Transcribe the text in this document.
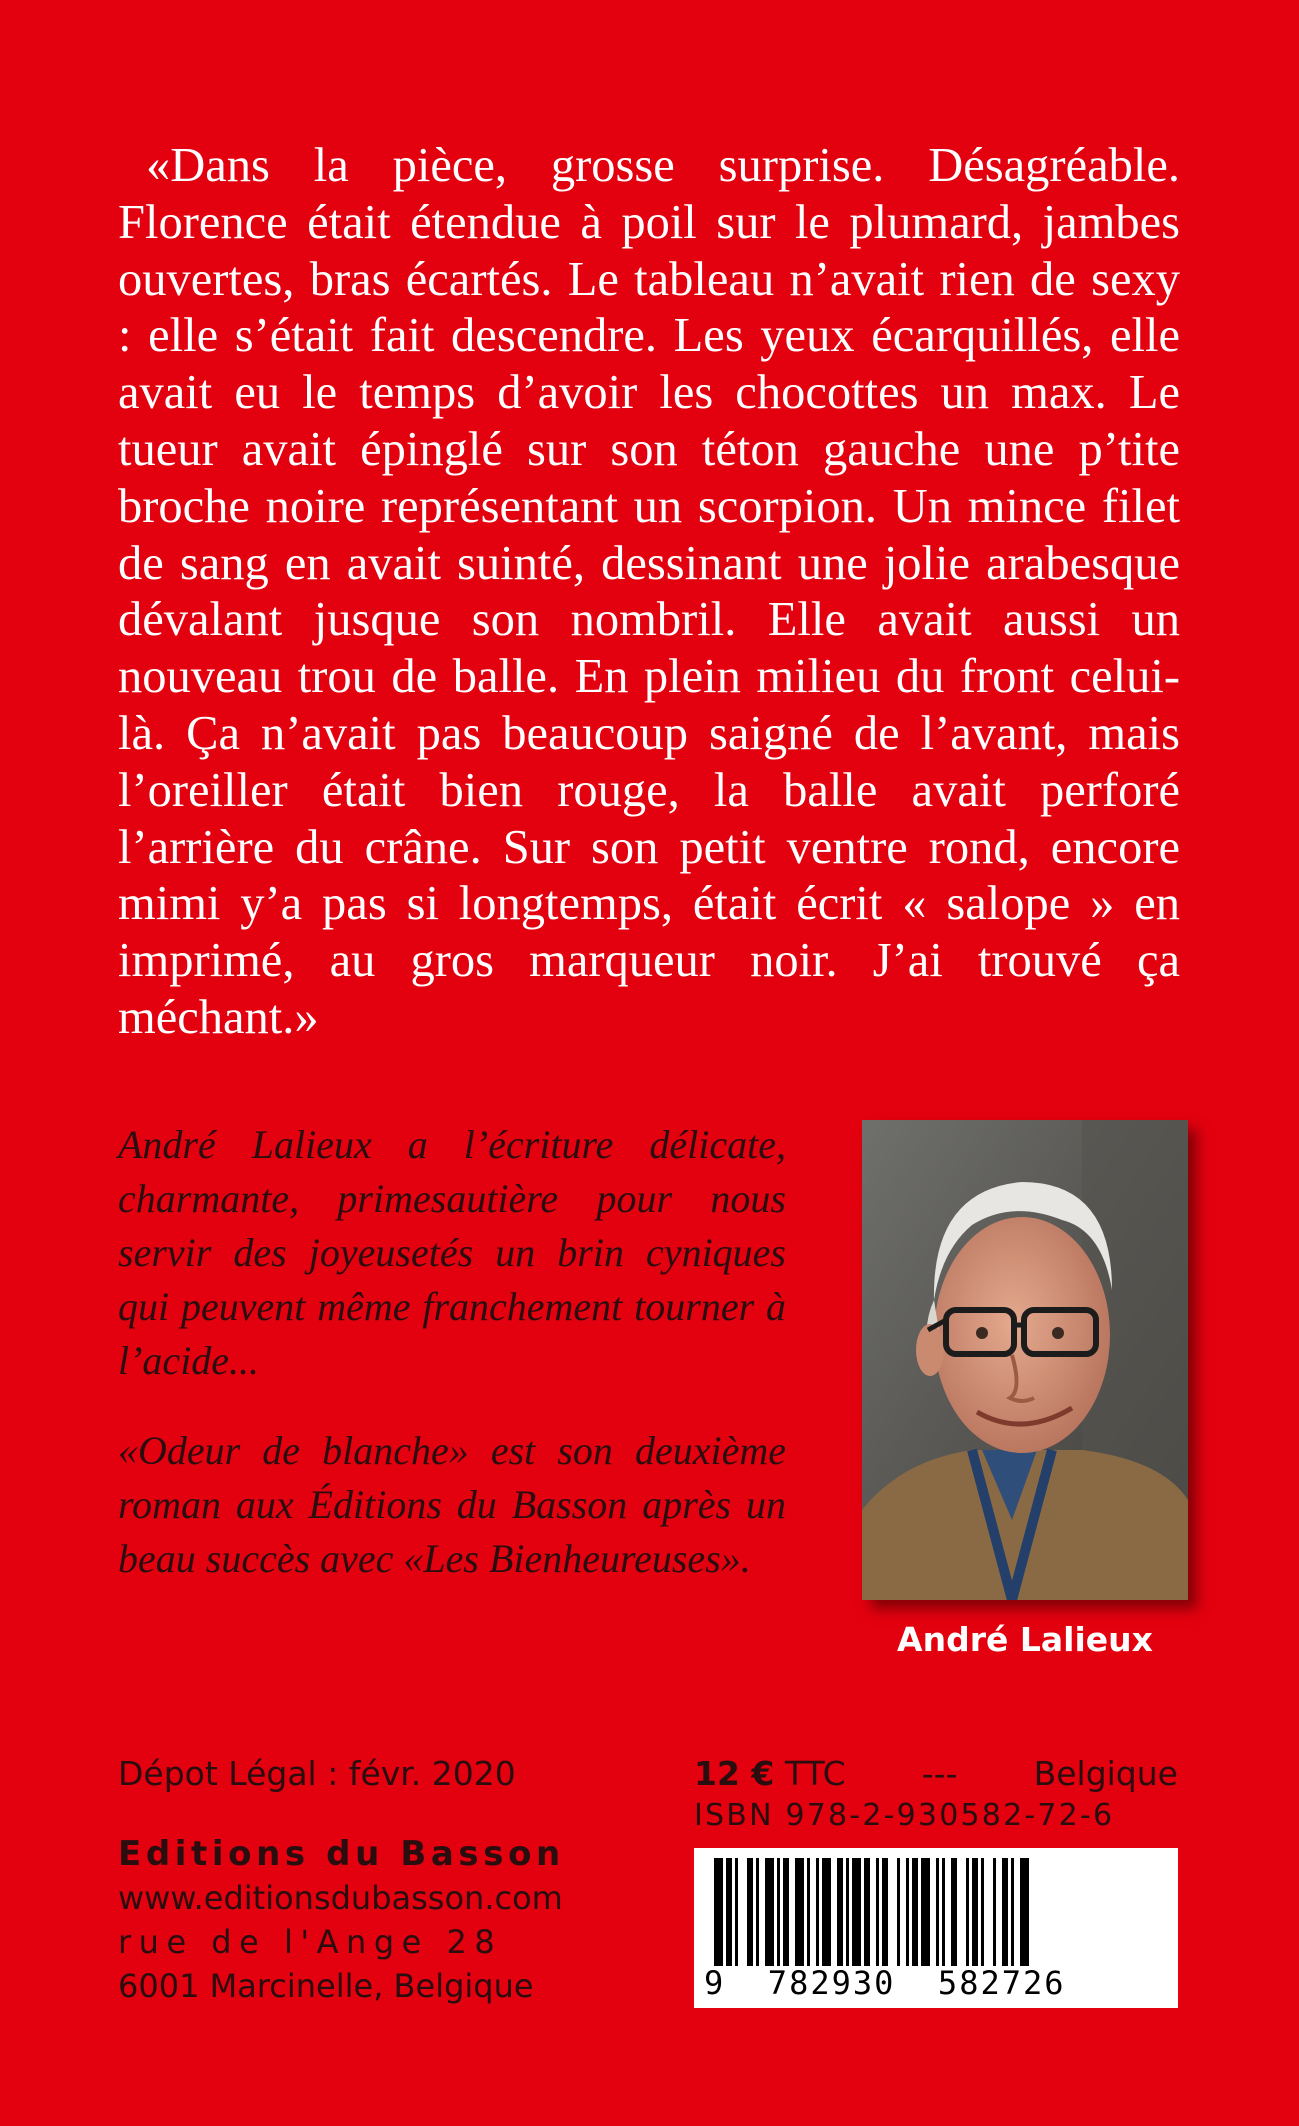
«Dans la pièce, grosse surprise. Désagréable. Florence était étendue à poil sur le plumard, jambes ouvertes, bras écartés. Le tableau n’avait rien de sexy : elle s’était fait descendre. Les yeux écarquillés, elle avait eu le temps d’avoir les chocottes un max. Le tueur avait épinglé sur son téton gauche une p’tite broche noire représentant un scorpion. Un mince filet de sang en avait suinté, dessinant une jolie arabesque dévalant jusque son nombril. Elle avait aussi un nouveau trou de balle. En plein milieu du front celui-là. Ça n’avait pas beaucoup saigné de l’avant, mais l’oreiller était bien rouge, la balle avait perforé l’arrière du crâne. Sur son petit ventre rond, encore mimi y’a pas si longtemps, était écrit « salope » en imprimé, au gros marqueur noir. J’ai trouvé ça méchant.»

André Lalieux a l’écriture délicate, charmante, primesautière pour nous servir des joyeusetés un brin cyniques qui peuvent même franchement tourner à l’acide...

«Odeur de blanche» est son deuxième roman aux Éditions du Basson après un beau succès avec «Les Bienheureuses».

André Lalieux
Dépot Légal : févr. 2020
Editions du Basson
www.editionsdubasson.com
rue de l'Ange 28
6001 Marcinelle, Belgique
12 € TTC --- Belgique
ISBN 978-2-930582-72-6
9  782930  582726
